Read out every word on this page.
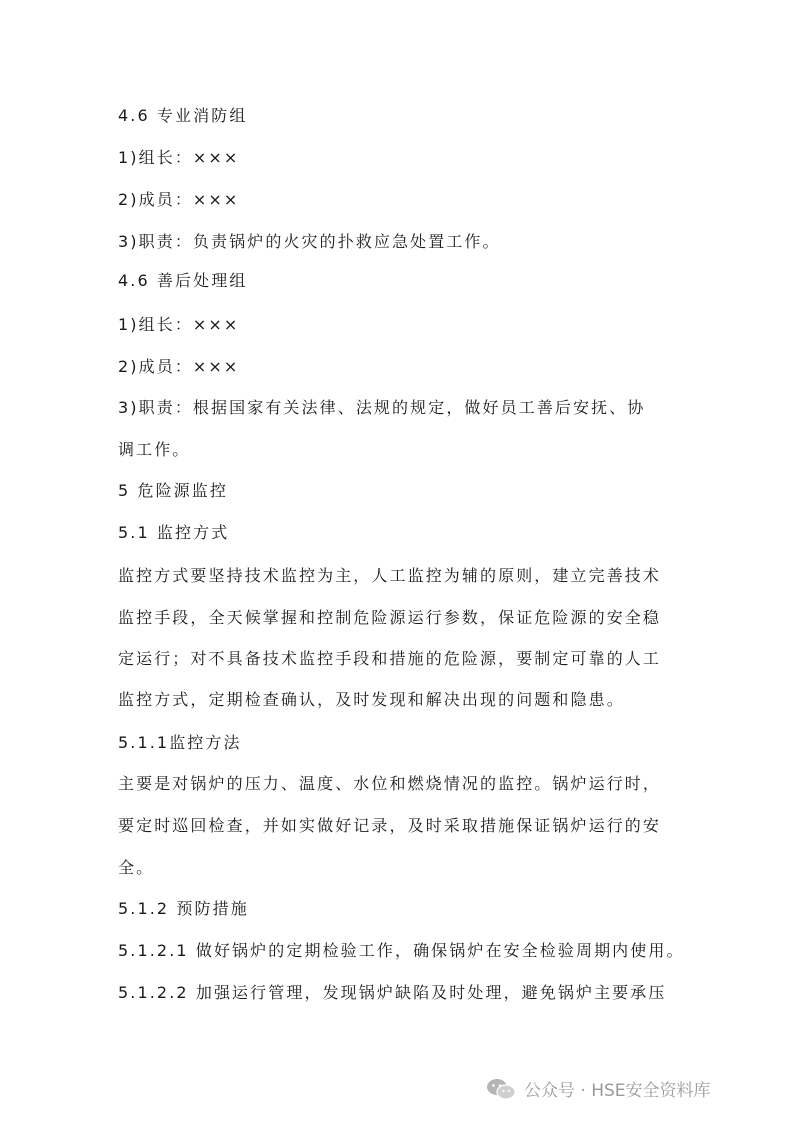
4.6 专业消防组
1)组长：×××
2)成员：×××
3)职责：负责锅炉的火灾的扑救应急处置工作。
4.6 善后处理组
1)组长：×××
2)成员：×××
3)职责：根据国家有关法律、法规的规定，做好员工善后安抚、协
调工作。
5 危险源监控
5.1 监控方式
监控方式要坚持技术监控为主，人工监控为辅的原则，建立完善技术
监控手段，全天候掌握和控制危险源运行参数，保证危险源的安全稳
定运行；对不具备技术监控手段和措施的危险源，要制定可靠的人工
监控方式，定期检查确认，及时发现和解决出现的问题和隐患。
5.1.1监控方法
主要是对锅炉的压力、温度、水位和燃烧情况的监控。锅炉运行时，
要定时巡回检查，并如实做好记录，及时采取措施保证锅炉运行的安
全。
5.1.2 预防措施
5.1.2.1 做好锅炉的定期检验工作，确保锅炉在安全检验周期内使用。
5.1.2.2 加强运行管理，发现锅炉缺陷及时处理，避免锅炉主要承压
公众号 · HSE安全资料库
